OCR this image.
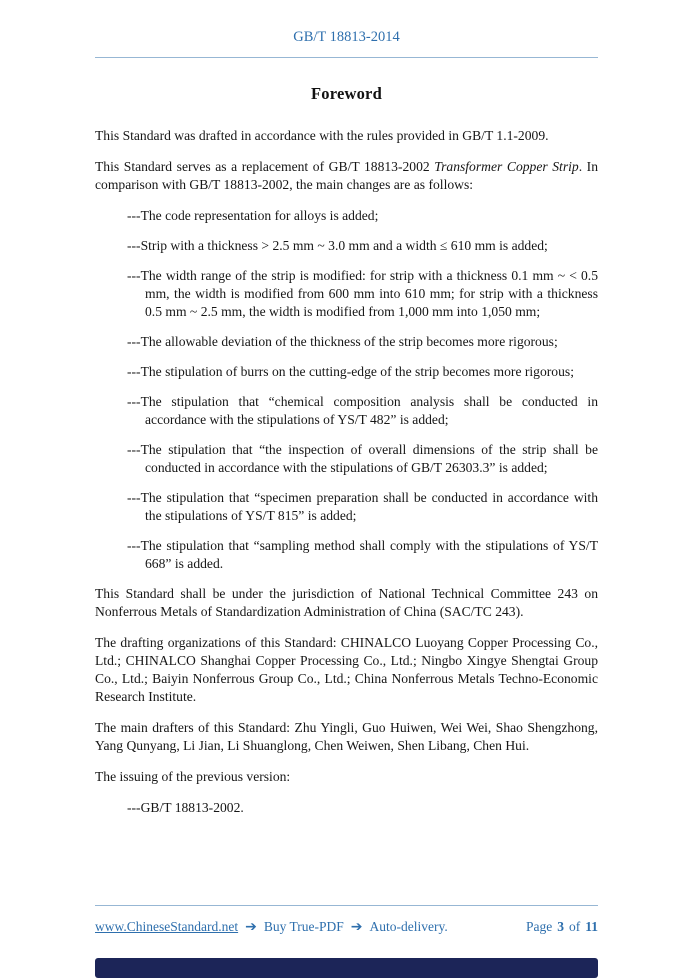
GB/T 18813-2014
Foreword
This Standard was drafted in accordance with the rules provided in GB/T 1.1-2009.
This Standard serves as a replacement of GB/T 18813-2002 Transformer Copper Strip. In comparison with GB/T 18813-2002, the main changes are as follows:
---The code representation for alloys is added;
---Strip with a thickness > 2.5 mm ~ 3.0 mm and a width ≤ 610 mm is added;
---The width range of the strip is modified: for strip with a thickness 0.1 mm ~ < 0.5 mm, the width is modified from 600 mm into 610 mm; for strip with a thickness 0.5 mm ~ 2.5 mm, the width is modified from 1,000 mm into 1,050 mm;
---The allowable deviation of the thickness of the strip becomes more rigorous;
---The stipulation of burrs on the cutting-edge of the strip becomes more rigorous;
---The stipulation that “chemical composition analysis shall be conducted in accordance with the stipulations of YS/T 482” is added;
---The stipulation that “the inspection of overall dimensions of the strip shall be conducted in accordance with the stipulations of GB/T 26303.3” is added;
---The stipulation that “specimen preparation shall be conducted in accordance with the stipulations of YS/T 815” is added;
---The stipulation that “sampling method shall comply with the stipulations of YS/T 668” is added.
This Standard shall be under the jurisdiction of National Technical Committee 243 on Nonferrous Metals of Standardization Administration of China (SAC/TC 243).
The drafting organizations of this Standard: CHINALCO Luoyang Copper Processing Co., Ltd.; CHINALCO Shanghai Copper Processing Co., Ltd.; Ningbo Xingye Shengtai Group Co., Ltd.; Baiyin Nonferrous Group Co., Ltd.; China Nonferrous Metals Techno-Economic Research Institute.
The main drafters of this Standard: Zhu Yingli, Guo Huiwen, Wei Wei, Shao Shengzhong, Yang Qunyang, Li Jian, Li Shuanglong, Chen Weiwen, Shen Libang, Chen Hui.
The issuing of the previous version:
---GB/T 18813-2002.
www.ChineseStandard.net ➔ Buy True-PDF ➔ Auto-delivery.	Page 3 of 11
